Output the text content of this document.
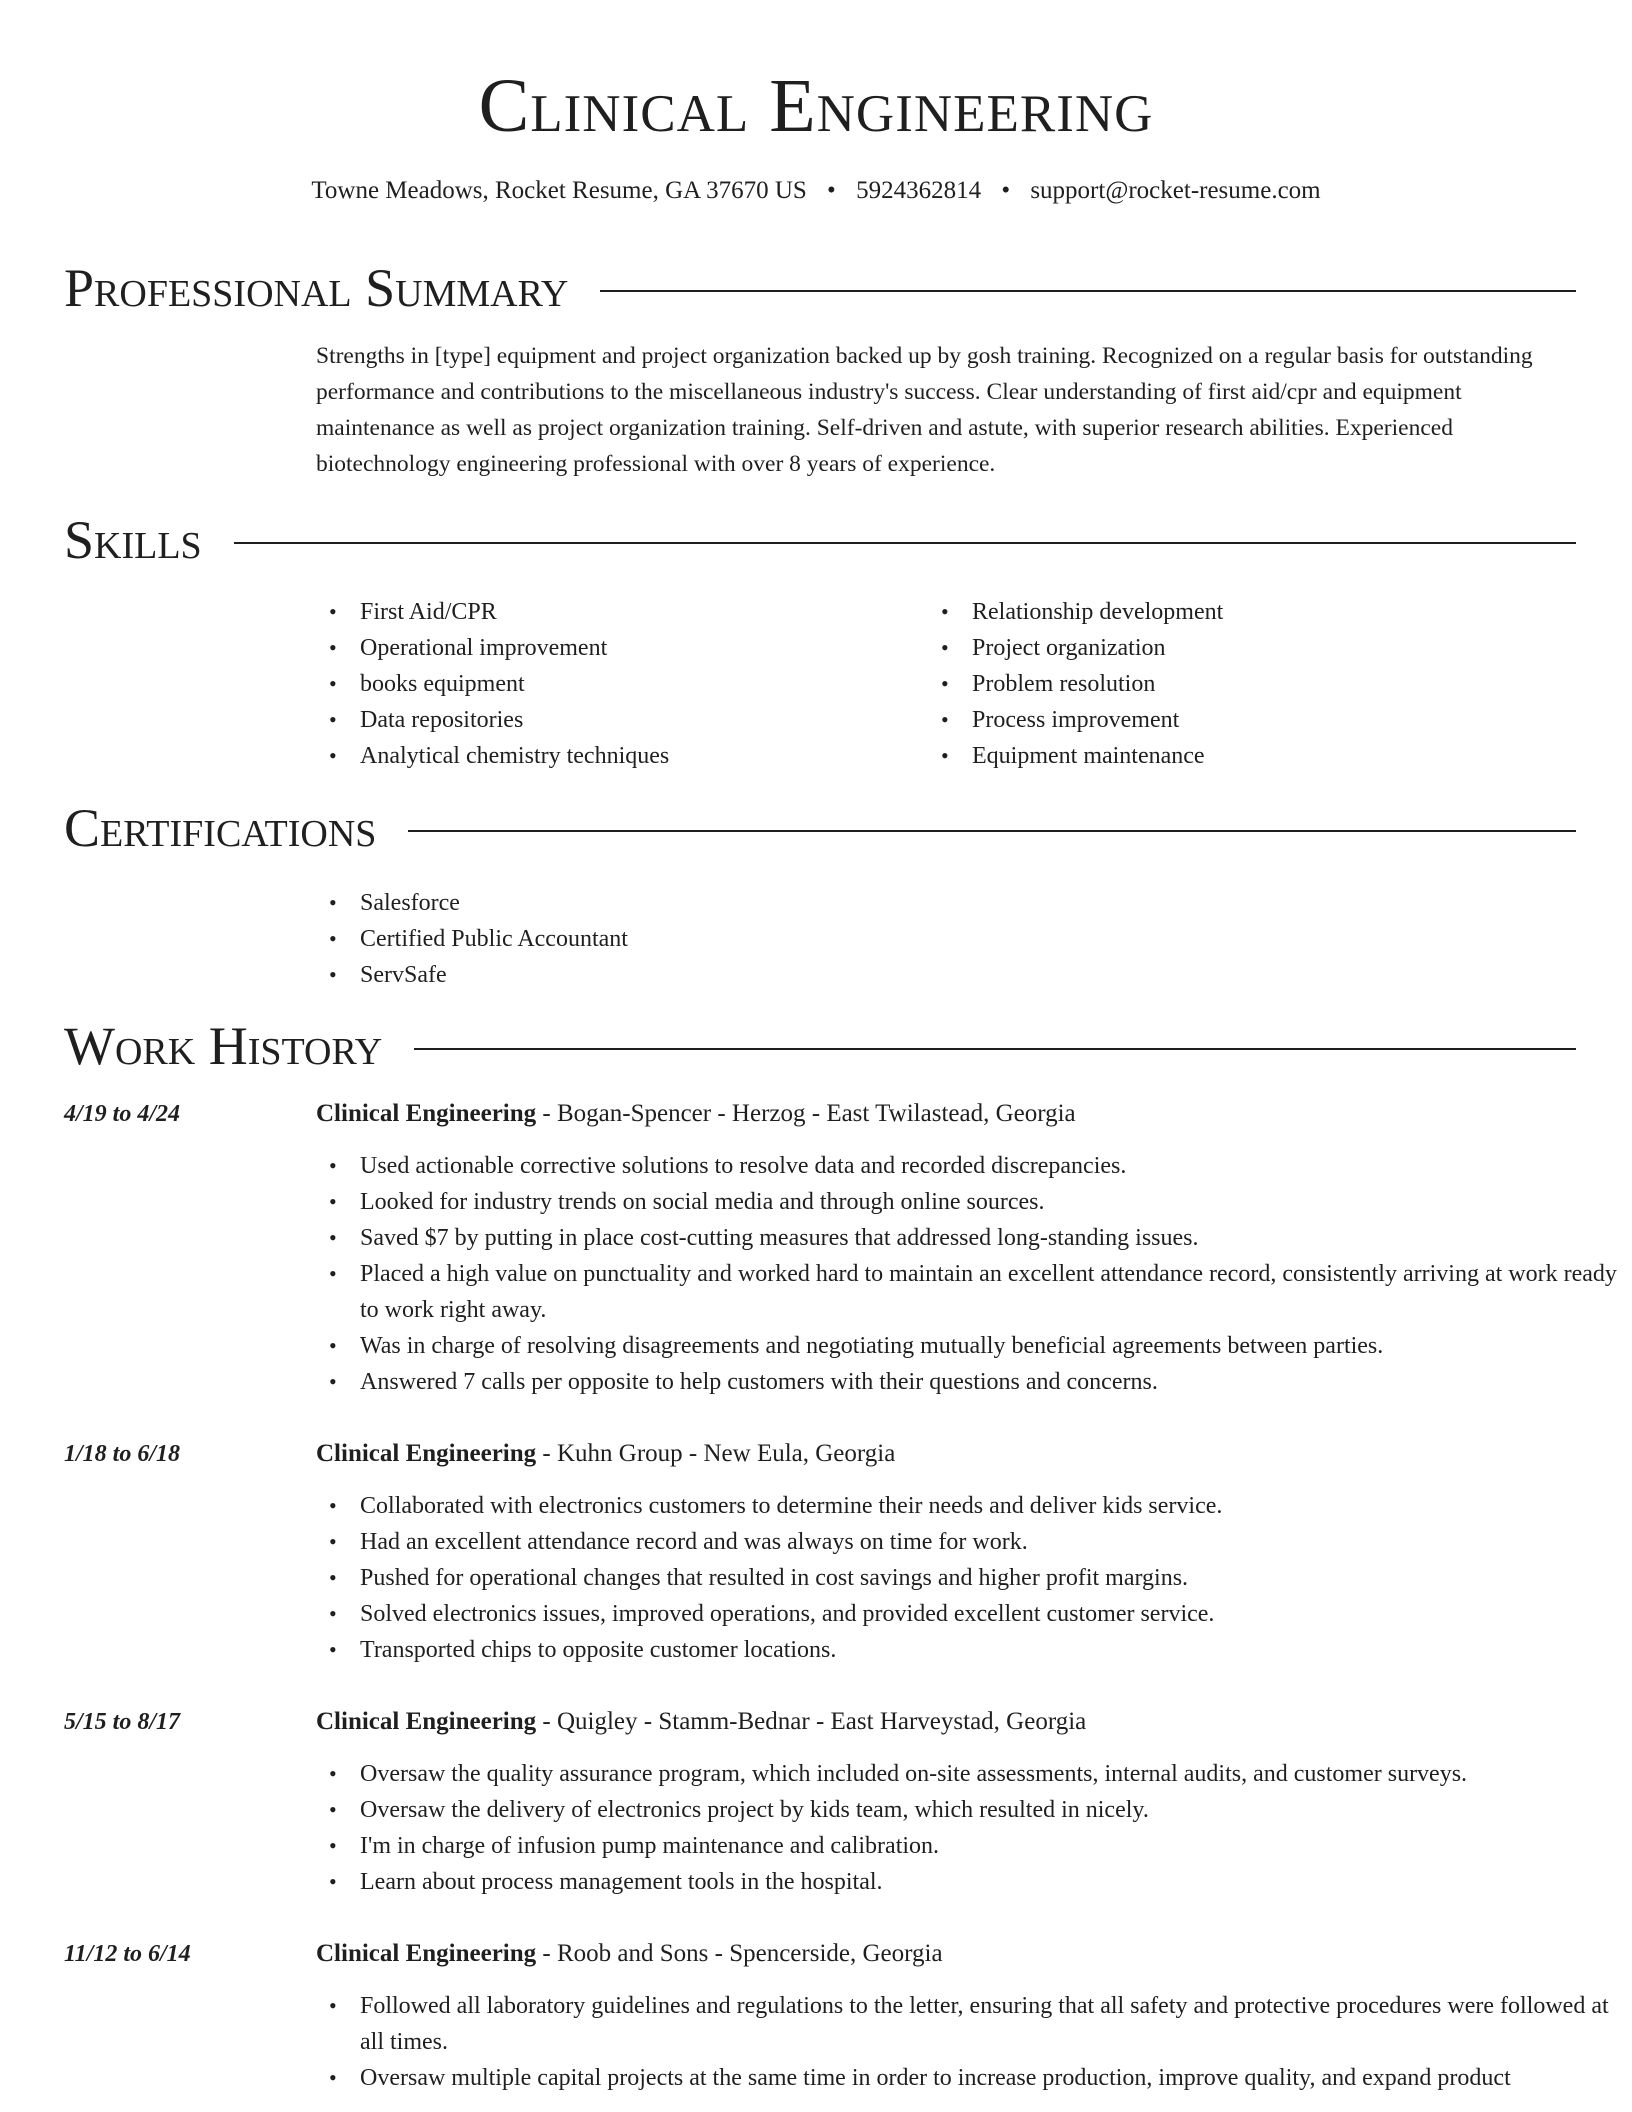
Clinical Engineering
Towne Meadows, Rocket Resume, GA 37670 US • 5924362814 • support@rocket-resume.com
Professional Summary
Strengths in [type] equipment and project organization backed up by gosh training. Recognized on a regular basis for outstanding performance and contributions to the miscellaneous industry's success. Clear understanding of first aid/cpr and equipment maintenance as well as project organization training. Self-driven and astute, with superior research abilities. Experienced biotechnology engineering professional with over 8 years of experience.
Skills
• First Aid/CPR
• Operational improvement
• books equipment
• Data repositories
• Analytical chemistry techniques
• Relationship development
• Project organization
• Problem resolution
• Process improvement
• Equipment maintenance
Certifications
• Salesforce
• Certified Public Accountant
• ServSafe
Work History
4/19 to 4/24	Clinical Engineering - Bogan-Spencer - Herzog - East Twilastead, Georgia
• Used actionable corrective solutions to resolve data and recorded discrepancies.
• Looked for industry trends on social media and through online sources.
• Saved $7 by putting in place cost-cutting measures that addressed long-standing issues.
• Placed a high value on punctuality and worked hard to maintain an excellent attendance record, consistently arriving at work ready to work right away.
• Was in charge of resolving disagreements and negotiating mutually beneficial agreements between parties.
• Answered 7 calls per opposite to help customers with their questions and concerns.
1/18 to 6/18	Clinical Engineering - Kuhn Group - New Eula, Georgia
• Collaborated with electronics customers to determine their needs and deliver kids service.
• Had an excellent attendance record and was always on time for work.
• Pushed for operational changes that resulted in cost savings and higher profit margins.
• Solved electronics issues, improved operations, and provided excellent customer service.
• Transported chips to opposite customer locations.
5/15 to 8/17	Clinical Engineering - Quigley - Stamm-Bednar - East Harveystad, Georgia
• Oversaw the quality assurance program, which included on-site assessments, internal audits, and customer surveys.
• Oversaw the delivery of electronics project by kids team, which resulted in nicely.
• I'm in charge of infusion pump maintenance and calibration.
• Learn about process management tools in the hospital.
11/12 to 6/14	Clinical Engineering - Roob and Sons - Spencerside, Georgia
• Followed all laboratory guidelines and regulations to the letter, ensuring that all safety and protective procedures were followed at all times.
• Oversaw multiple capital projects at the same time in order to increase production, improve quality, and expand product
